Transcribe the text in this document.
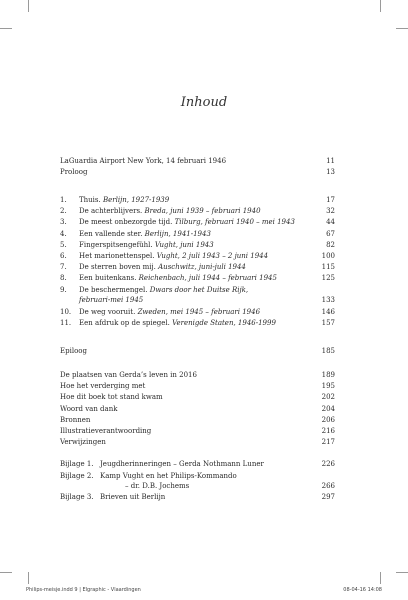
Inhoud
LaGuardia Airport New York, 14 februari 1946	11
Proloog	13
1. Thuis. Berlijn, 1927-1939	17
2. De achterblijvers. Breda, juni 1939 – februari 1940	32
3. De meest onbezorgde tijd. Tilburg, februari 1940 – mei 1943	44
4. Een vallende ster. Berlijn, 1941-1943	67
5. Fingerspitsengefühl. Vught, juni 1943	82
6. Het marionettenspel. Vught, 2 juli 1943 – 2 juni 1944	100
7. De sterren boven mij. Auschwitz, juni-juli 1944	115
8. Een buitenkans. Reichenbach, juli 1944 – februari 1945	125
9. De beschermengel. Dwars door het Duitse Rijk,
februari-mei 1945	133
10. De weg vooruit. Zweden, mei 1945 – februari 1946	146
11. Een afdruk op de spiegel. Verenigde Staten, 1946-1999	157
Epiloog	185
De plaatsen van Gerda’s leven in 2016	189
Hoe het verderging met	195
Hoe dit boek tot stand kwam	202
Woord van dank	204
Bronnen	206
Illustratieverantwoording	216
Verwijzingen	217
Bijlage 1. Jeugdherinneringen – Gerda Nothmann Luner	226
Bijlage 2. Kamp Vught en het Philips-Kommando
– dr. D.B. Jochems	266
Bijlage 3. Brieven uit Berlijn	297
Philips-meisje.indd 9 | Elgraphic - Vlaardingen	08-04-16 14:08
